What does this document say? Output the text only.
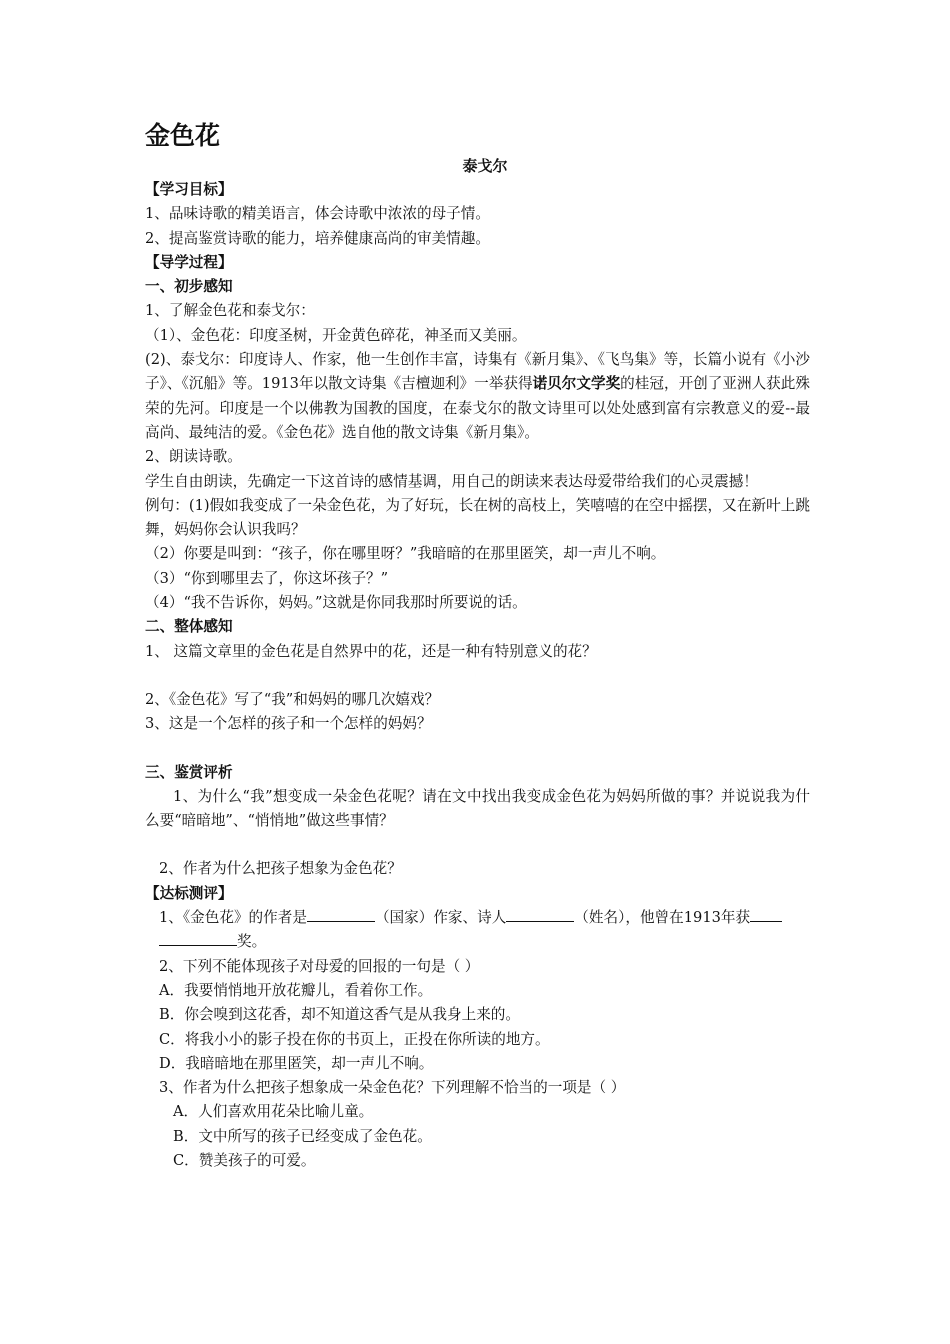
金色花
泰戈尔
【学习目标】
1、品味诗歌的精美语言，体会诗歌中浓浓的母子情。
2、提高鉴赏诗歌的能力，培养健康高尚的审美情趣。
【导学过程】
一、初步感知
1、了解金色花和泰戈尔：
（1）、金色花：印度圣树，开金黄色碎花，神圣而又美丽。
(2)、泰戈尔：印度诗人、作家，他一生创作丰富，诗集有《新月集》、《飞鸟集》等，长篇小说有《小沙子》、《沉船》等。1913年以散文诗集《吉檀迦利》一举获得诺贝尔文学奖的桂冠，开创了亚洲人获此殊荣的先河。印度是一个以佛教为国教的国度，在泰戈尔的散文诗里可以处处感到富有宗教意义的爱--最高尚、最纯洁的爱。《金色花》选自他的散文诗集《新月集》。
2、朗读诗歌。
学生自由朗读，先确定一下这首诗的感情基调，用自己的朗读来表达母爱带给我们的心灵震撼！
例句：(1)假如我变成了一朵金色花，为了好玩，长在树的高枝上，笑嘻嘻的在空中摇摆，又在新叶上跳舞，妈妈你会认识我吗？
（2）你要是叫到：“孩子，你在哪里呀？”我暗暗的在那里匿笑，却一声儿不响。
（3）“你到哪里去了，你这坏孩子？”
（4）“我不告诉你，妈妈。”这就是你同我那时所要说的话。
二、整体感知
1、 这篇文章里的金色花是自然界中的花，还是一种有特别意义的花？
2、《金色花》写了“我”和妈妈的哪几次嬉戏？
3、这是一个怎样的孩子和一个怎样的妈妈？
三、鉴赏评析
1、为什么“我”想变成一朵金色花呢？请在文中找出我变成金色花为妈妈所做的事？并说说我为什么要“暗暗地”、“悄悄地”做这些事情？
2、作者为什么把孩子想象为金色花？
【达标测评】
1、《金色花》的作者是	（国家）作家、诗人	（姓名），他曾在1913年获
奖。
2、下列不能体现孩子对母爱的回报的一句是（ ）
A．我要悄悄地开放花瓣儿，看着你工作。
B．你会嗅到这花香，却不知道这香气是从我身上来的。
C．将我小小的影子投在你的书页上，正投在你所读的地方。
D．我暗暗地在那里匿笑，却一声儿不响。
3、作者为什么把孩子想象成一朵金色花？下列理解不恰当的一项是（ ）
A．人们喜欢用花朵比喻儿童。
B．文中所写的孩子已经变成了金色花。
C．赞美孩子的可爱。
